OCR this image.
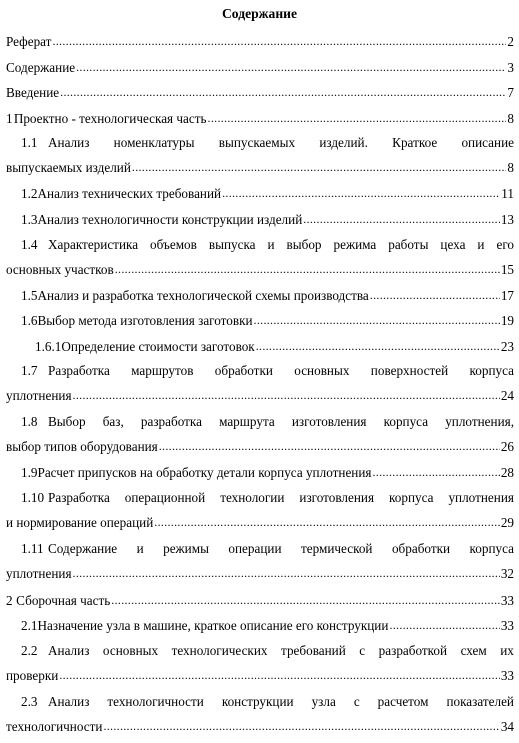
Содержание
Реферат .....	2
Содержание .....	3
Введение .....	7
1 Проектно - технологическая часть .....	8
1.1 Анализ номенклатуры выпускаемых изделий. Краткое описание
выпускаемых изделий .....	8
1.2 Анализ технических требований .....	11
1.3 Анализ технологичности конструкции изделий .....	13
1.4 Характеристика объемов выпуска и выбор режима работы цеха и его
основных участков .....	15
1.5 Анализ и разработка технологической схемы производства .....	17
1.6 Выбор метода изготовления заготовки .....	19
1.6.1 Определение стоимости заготовок .....	23
1.7 Разработка маршрутов обработки основных поверхностей корпуса
уплотнения .....	24
1.8 Выбор баз, разработка маршрута изготовления корпуса уплотнения,
выбор типов оборудования .....	26
1.9 Расчет припусков на обработку детали корпуса уплотнения .....	28
1.10 Разработка операционной технологии изготовления корпуса уплотнения
и нормирование операций .....	29
1.11 Содержание и режимы операции термической обработки корпуса
уплотнения .....	32
2 Сборочная часть .....	33
2.1 Назначение узла в машине, краткое описание его конструкции .....	33
2.2 Анализ основных технологических требований с разработкой схем их
проверки .....	33
2.3 Анализ технологичности конструкции узла с расчетом показателей
технологичности .....	34
